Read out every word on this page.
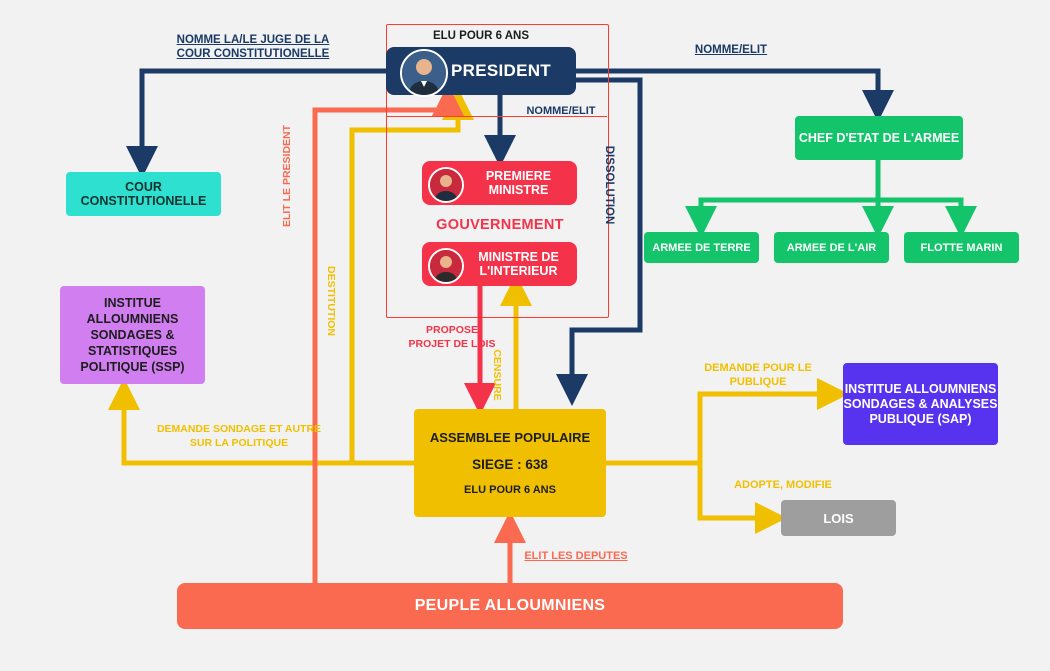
ELU POUR 6 ANS
PRESIDENT
PREMIERE MINISTRE
GOUVERNEMENT
MINISTRE DE L'INTERIEUR
COUR CONSTITUTIONELLE
INSTITUE ALLOUMNIENS SONDAGES & STATISTIQUES POLITIQUE (SSP)
CHEF D'ETAT DE L'ARMEE
ARMEE DE TERRE	ARMEE DE L'AIR	FLOTTE MARIN
ASSEMBLEE POPULAIRE
SIEGE : 638
ELU POUR 6 ANS
INSTITUE ALLOUMNIENS SONDAGES & ANALYSES PUBLIQUE (SAP)
LOIS
PEUPLE ALLOUMNIENS
NOMME LA/LE JUGE DE LA COUR CONSTITUTIONELLE	NOMME/ELIT
NOMME/ELIT
DISSOLUTION
ELIT LE PRESIDENT
DESTITUTION	PROPOSE PROJET DE LOIS
CENSURE
DEMANDE SONDAGE ET AUTRE SUR LA POLITIQUE
DEMANDE POUR LE PUBLIQUE
ADOPTE, MODIFIE
ELIT LES DEPUTES
